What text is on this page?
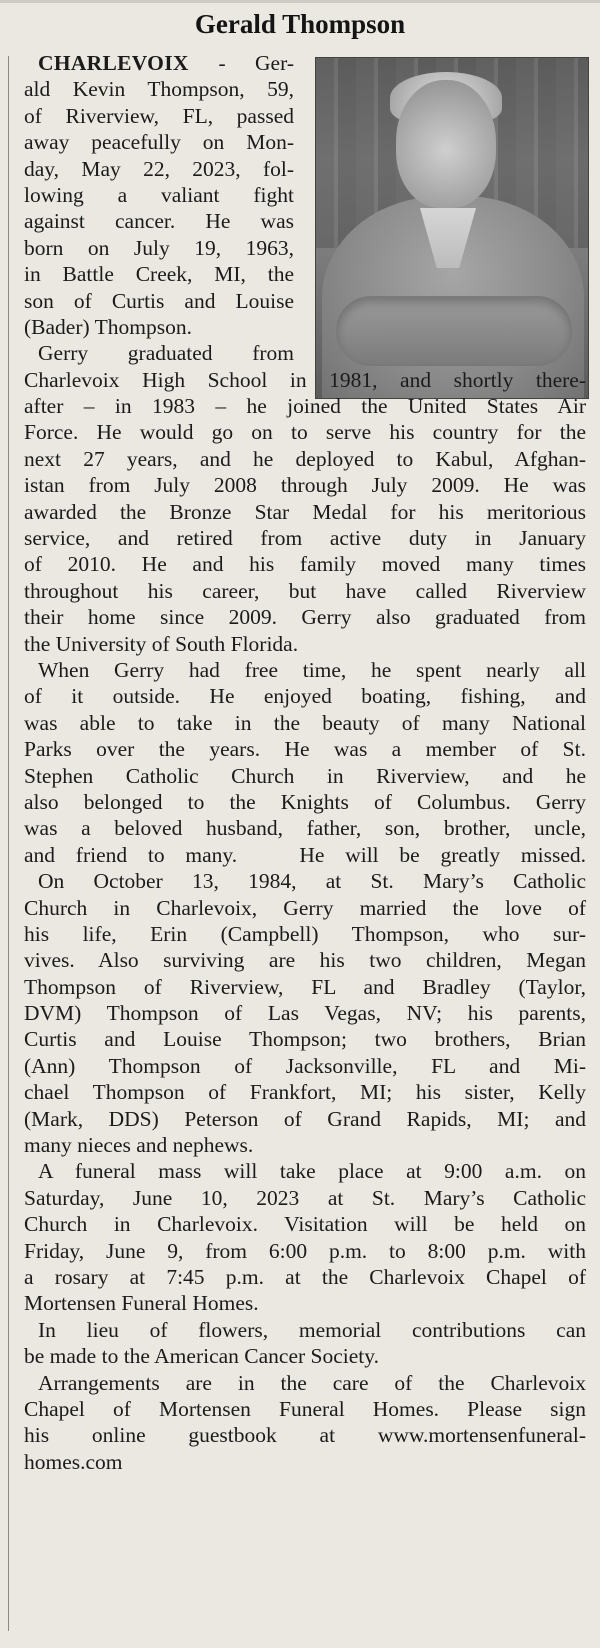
Gerald Thompson
CHARLEVOIX - Ger-
ald Kevin Thompson, 59,
of Riverview, FL, passed
away peacefully on Mon-
day, May 22, 2023, fol-
lowing a valiant fight
against cancer. He was
born on July 19, 1963,
in Battle Creek, MI, the
son of Curtis and Louise
(Bader) Thompson.
Gerry graduated from
Charlevoix High School in 1981, and shortly there-
after – in 1983 – he joined the United States Air
Force. He would go on to serve his country for the
next 27 years, and he deployed to Kabul, Afghan-
istan from July 2008 through July 2009. He was
awarded the Bronze Star Medal for his meritorious
service, and retired from active duty in January
of 2010. He and his family moved many times
throughout his career, but have called Riverview
their home since 2009. Gerry also graduated from
the University of South Florida.
When Gerry had free time, he spent nearly all
of it outside. He enjoyed boating, fishing, and
was able to take in the beauty of many National
Parks over the years. He was a member of St.
Stephen Catholic Church in Riverview, and he
also belonged to the Knights of Columbus. Gerry
was a beloved husband, father, son, brother, uncle,
and friend to many.   He will be greatly missed.
On October 13, 1984, at St. Mary’s Catholic
Church in Charlevoix, Gerry married the love of
his life, Erin (Campbell) Thompson, who sur-
vives. Also surviving are his two children, Megan
Thompson of Riverview, FL and Bradley (Taylor,
DVM) Thompson of Las Vegas, NV; his parents,
Curtis and Louise Thompson; two brothers, Brian
(Ann) Thompson of Jacksonville, FL and Mi-
chael Thompson of Frankfort, MI; his sister, Kelly
(Mark, DDS) Peterson of Grand Rapids, MI; and
many nieces and nephews.
A funeral mass will take place at 9:00 a.m. on
Saturday, June 10, 2023 at St. Mary’s Catholic
Church in Charlevoix. Visitation will be held on
Friday, June 9, from 6:00 p.m. to 8:00 p.m. with
a rosary at 7:45 p.m. at the Charlevoix Chapel of
Mortensen Funeral Homes.
In lieu of flowers, memorial contributions can
be made to the American Cancer Society.
Arrangements are in the care of the Charlevoix
Chapel of Mortensen Funeral Homes. Please sign
his online guestbook at www.mortensenfuneral-
homes.com
